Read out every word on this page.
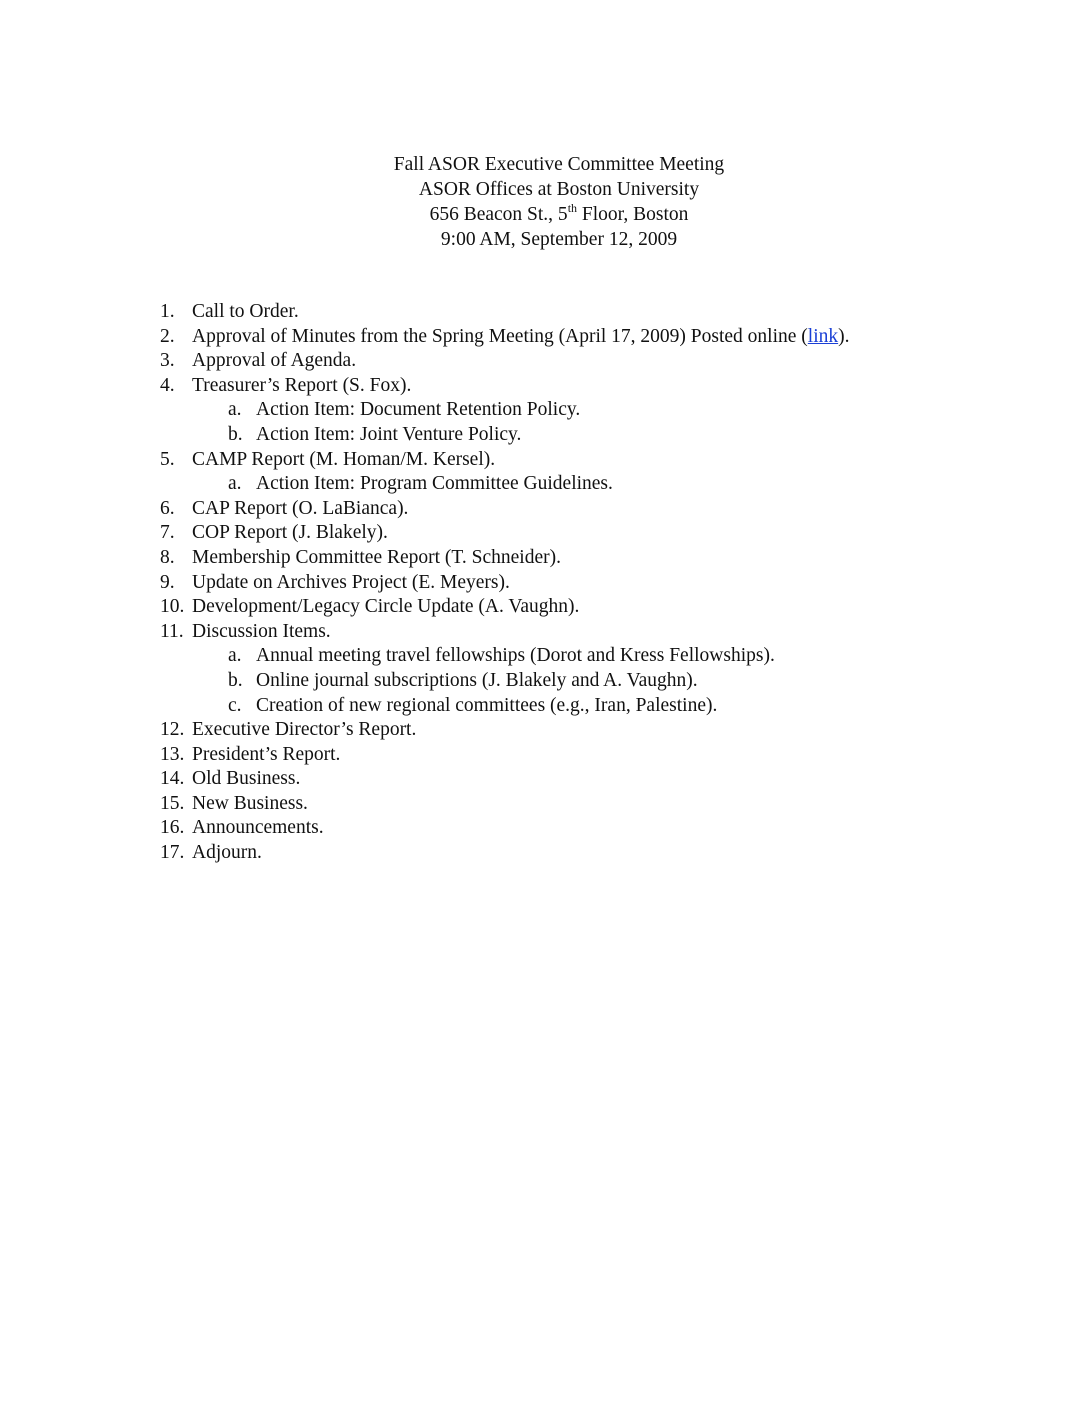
Fall ASOR Executive Committee Meeting
ASOR Offices at Boston University
656 Beacon St., 5th Floor, Boston
9:00 AM, September 12, 2009
1. Call to Order.
2. Approval of Minutes from the Spring Meeting (April 17, 2009) Posted online (link).
3. Approval of Agenda.
4. Treasurer’s Report (S. Fox).
a. Action Item: Document Retention Policy.
b. Action Item: Joint Venture Policy.
5. CAMP Report (M. Homan/M. Kersel).
a. Action Item: Program Committee Guidelines.
6. CAP Report (O. LaBianca).
7. COP Report (J. Blakely).
8. Membership Committee Report (T. Schneider).
9. Update on Archives Project (E. Meyers).
10. Development/Legacy Circle Update (A. Vaughn).
11. Discussion Items.
a. Annual meeting travel fellowships (Dorot and Kress Fellowships).
b. Online journal subscriptions (J. Blakely and A. Vaughn).
c. Creation of new regional committees (e.g., Iran, Palestine).
12. Executive Director’s Report.
13. President’s Report.
14. Old Business.
15. New Business.
16. Announcements.
17. Adjourn.
